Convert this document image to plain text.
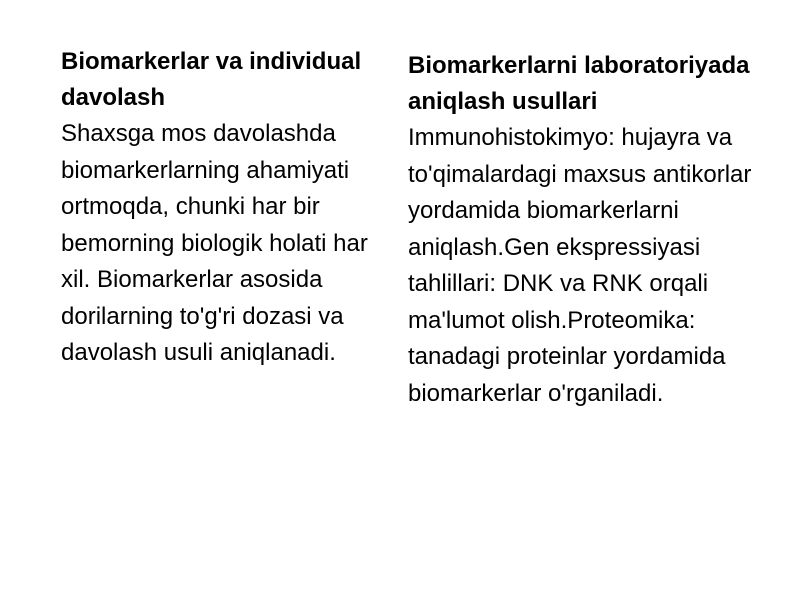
Biomarkerlar va individual davolash
Shaxsga mos davolashda biomarkerlarning ahamiyati ortmoqda, chunki har bir bemorning biologik holati har xil. Biomarkerlar asosida dorilarning to'g'ri dozasi va davolash usuli aniqlanadi.
Biomarkerlarni laboratoriyada aniqlash usullari
Immunohistokimyo: hujayra va to'qimalardagi maxsus antikorlar yordamida biomarkerlarni aniqlash.Gen ekspressiyasi tahlillari: DNK va RNK orqali ma'lumot olish.Proteomika: tanadagi proteinlar yordamida biomarkerlar o'rganiladi.
